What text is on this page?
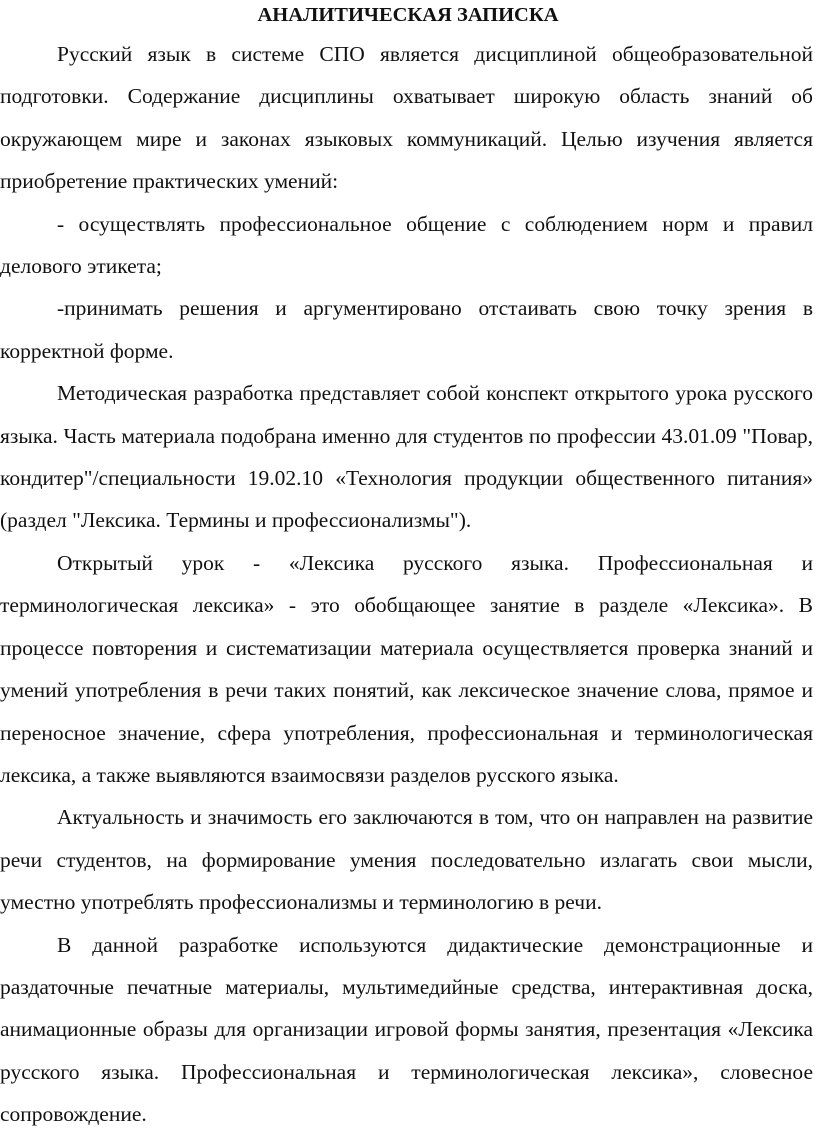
АНАЛИТИЧЕСКАЯ ЗАПИСКА

Русский язык в системе СПО является дисциплиной общеобразовательной подготовки. Содержание дисциплины охватывает широкую область знаний об окружающем мире и законах языковых коммуникаций. Целью изучения является приобретение практических умений:

- осуществлять профессиональное общение с соблюдением норм и правил делового этикета;

-принимать решения и аргументировано отстаивать свою точку зрения в корректной форме.

Методическая разработка представляет собой конспект открытого урока русского языка. Часть материала подобрана именно для студентов по профессии 43.01.09 "Повар, кондитер"/специальности 19.02.10 «Технология продукции общественного питания» (раздел "Лексика. Термины и профессионализмы").

Открытый урок - «Лексика русского языка. Профессиональная и терминологическая лексика» - это обобщающее занятие в разделе «Лексика». В процессе повторения и систематизации материала осуществляется проверка знаний и умений употребления в речи таких понятий, как лексическое значение слова, прямое и переносное значение, сфера употребления, профессиональная и терминологическая лексика, а также выявляются взаимосвязи разделов русского языка.

Актуальность и значимость его заключаются в том, что он направлен на развитие речи студентов, на формирование умения последовательно излагать свои мысли, уместно употреблять профессионализмы и терминологию в речи.

В данной разработке используются дидактические демонстрационные и раздаточные печатные материалы, мультимедийные средства, интерактивная доска, анимационные образы для организации игровой формы занятия, презентация «Лексика русского языка. Профессиональная и терминологическая лексика», словесное сопровождение.
